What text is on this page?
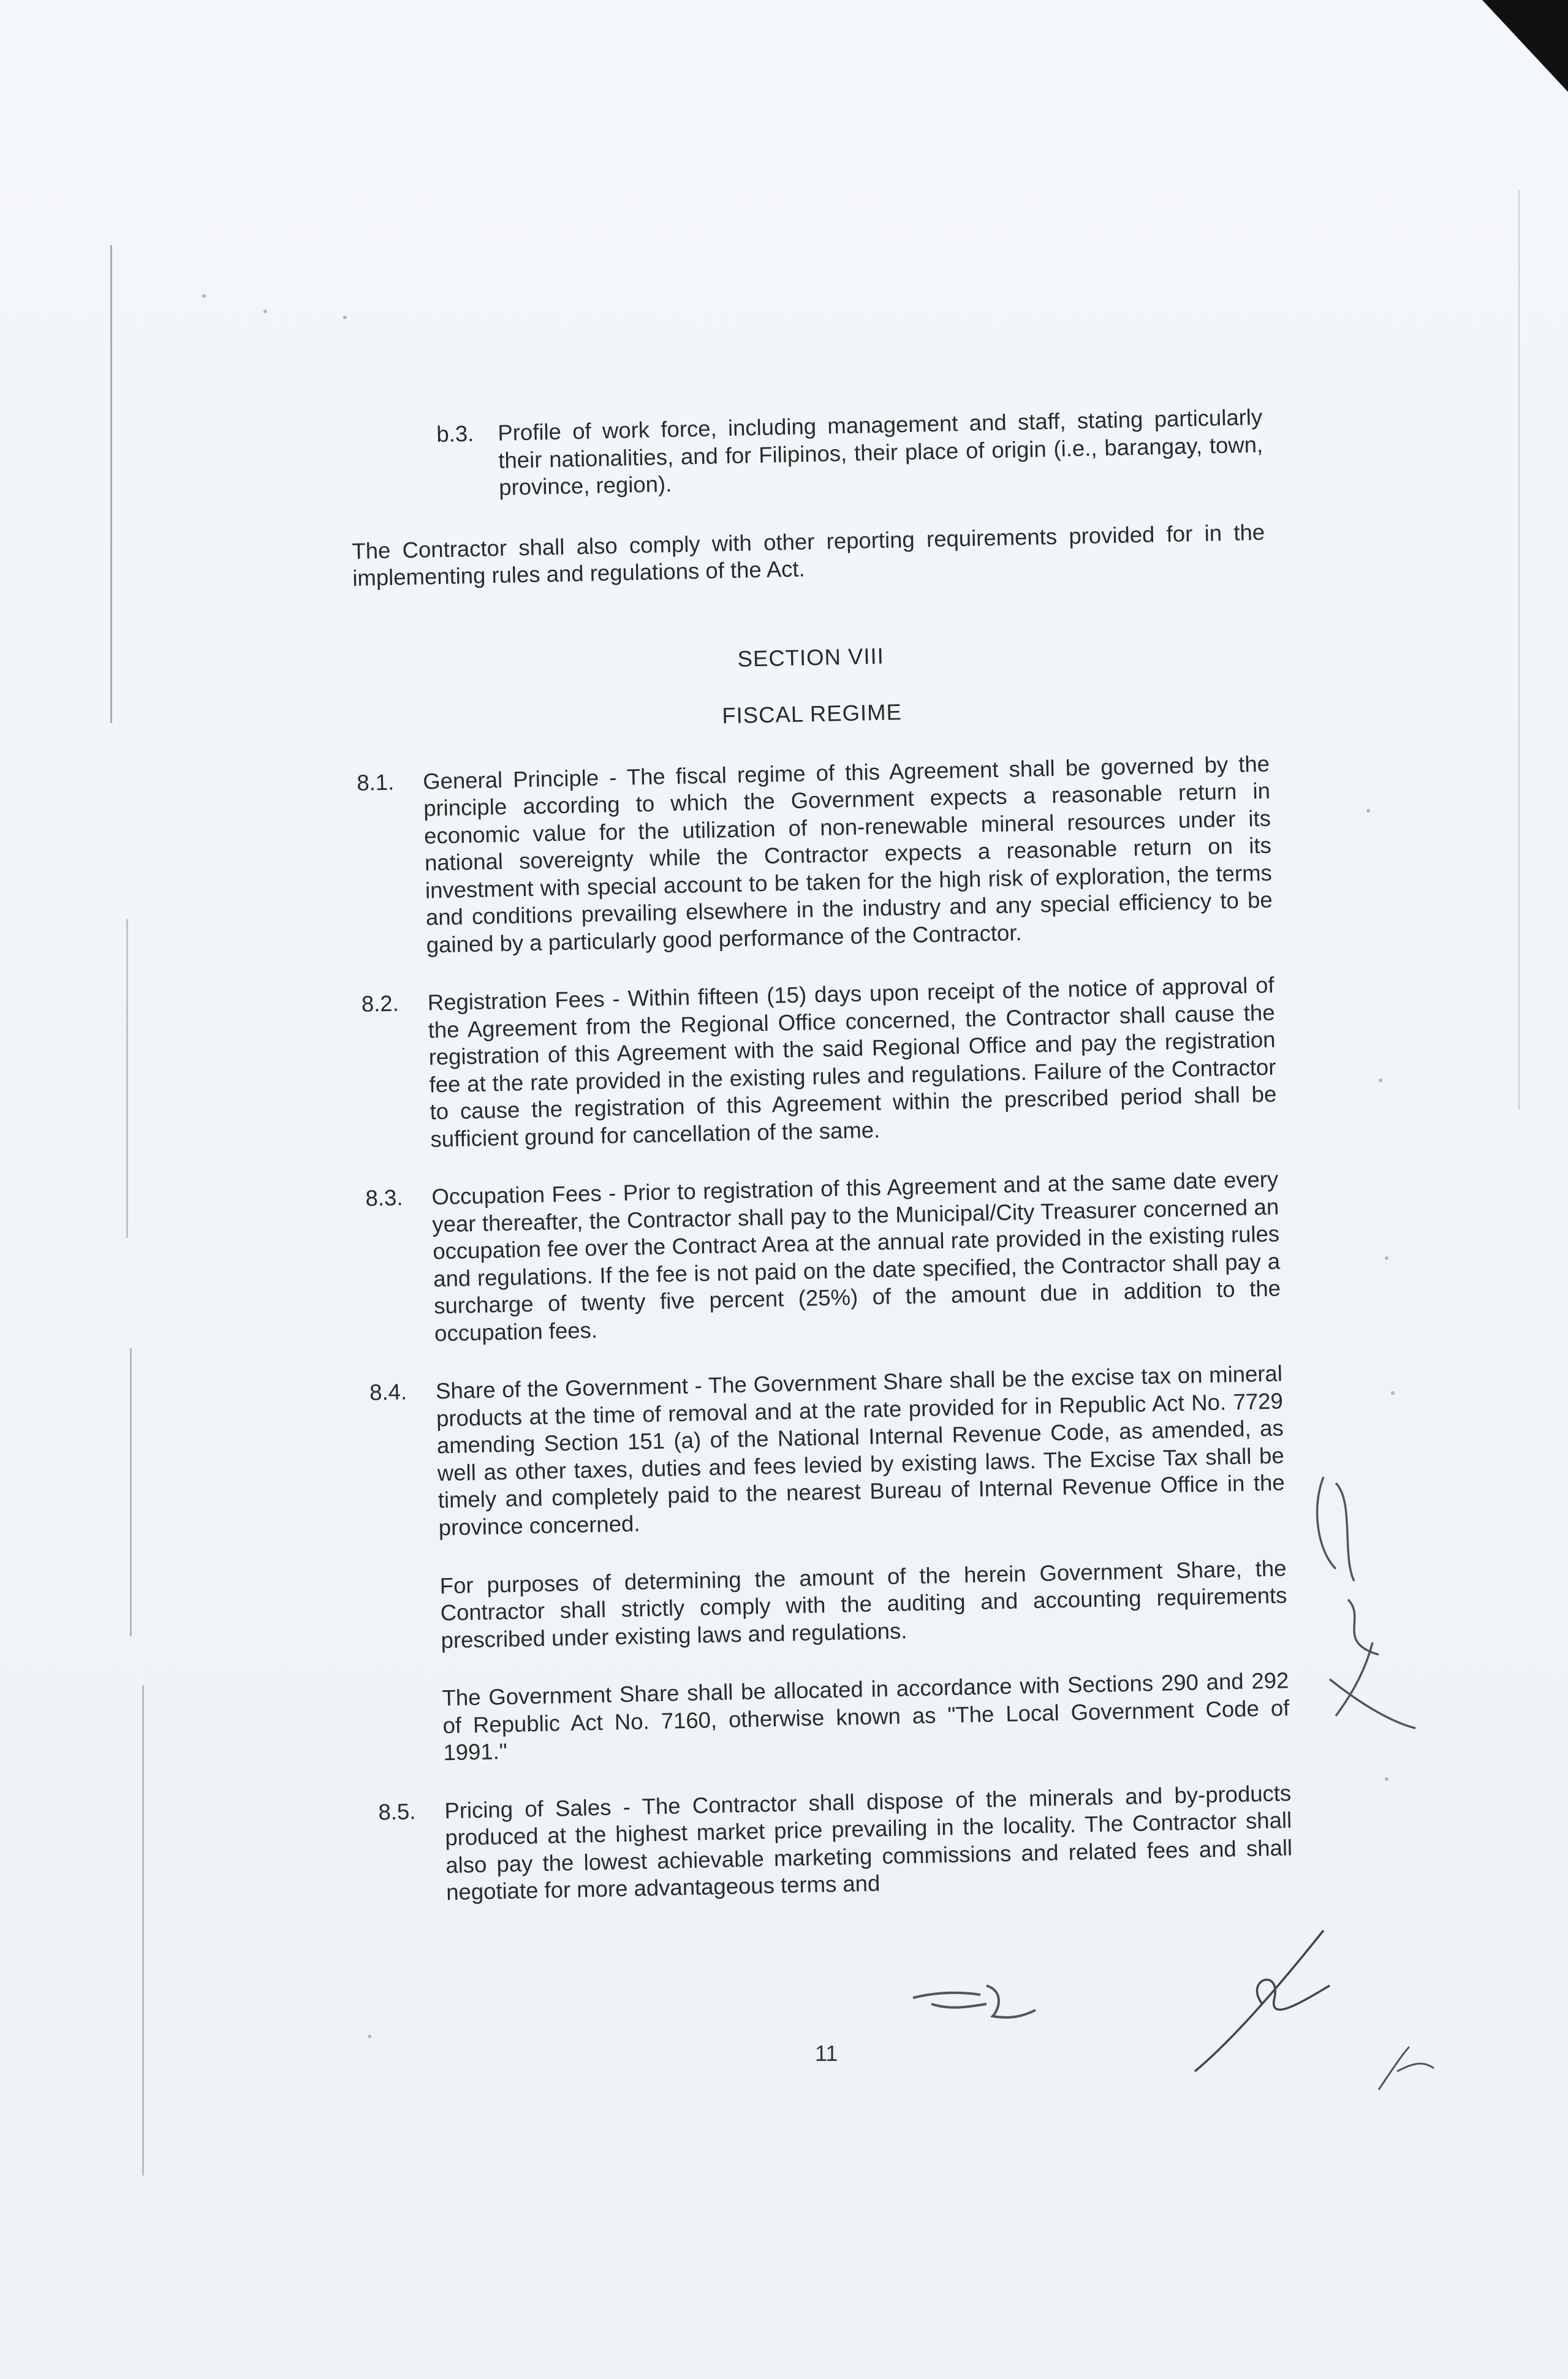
b.3. Profile of work force, including management and staff, stating particularly their nationalities, and for Filipinos, their place of origin (i.e., barangay, town, province, region).

The Contractor shall also comply with other reporting requirements provided for in the implementing rules and regulations of the Act.

SECTION VIII

FISCAL REGIME

8.1. General Principle - The fiscal regime of this Agreement shall be governed by the principle according to which the Government expects a reasonable return in economic value for the utilization of non-renewable mineral resources under its national sovereignty while the Contractor expects a reasonable return on its investment with special account to be taken for the high risk of exploration, the terms and conditions prevailing elsewhere in the industry and any special efficiency to be gained by a particularly good performance of the Contractor.
8.2. Registration Fees - Within fifteen (15) days upon receipt of the notice of approval of the Agreement from the Regional Office concerned, the Contractor shall cause the registration of this Agreement with the said Regional Office and pay the registration fee at the rate provided in the existing rules and regulations. Failure of the Contractor to cause the registration of this Agreement within the prescribed period shall be sufficient ground for cancellation of the same.
8.3. Occupation Fees - Prior to registration of this Agreement and at the same date every year thereafter, the Contractor shall pay to the Municipal/City Treasurer concerned an occupation fee over the Contract Area at the annual rate provided in the existing rules and regulations. If the fee is not paid on the date specified, the Contractor shall pay a surcharge of twenty five percent (25%) of the amount due in addition to the occupation fees.
8.4. Share of the Government - The Government Share shall be the excise tax on mineral products at the time of removal and at the rate provided for in Republic Act No. 7729 amending Section 151 (a) of the National Internal Revenue Code, as amended, as well as other taxes, duties and fees levied by existing laws. The Excise Tax shall be timely and completely paid to the nearest Bureau of Internal Revenue Office in the province concerned.

For purposes of determining the amount of the herein Government Share, the Contractor shall strictly comply with the auditing and accounting requirements prescribed under existing laws and regulations.

The Government Share shall be allocated in accordance with Sections 290 and 292 of Republic Act No. 7160, otherwise known as "The Local Government Code of 1991."

8.5. Pricing of Sales - The Contractor shall dispose of the minerals and by-products produced at the highest market price prevailing in the locality. The Contractor shall also pay the lowest achievable marketing commissions and related fees and shall negotiate for more advantageous terms and
11
